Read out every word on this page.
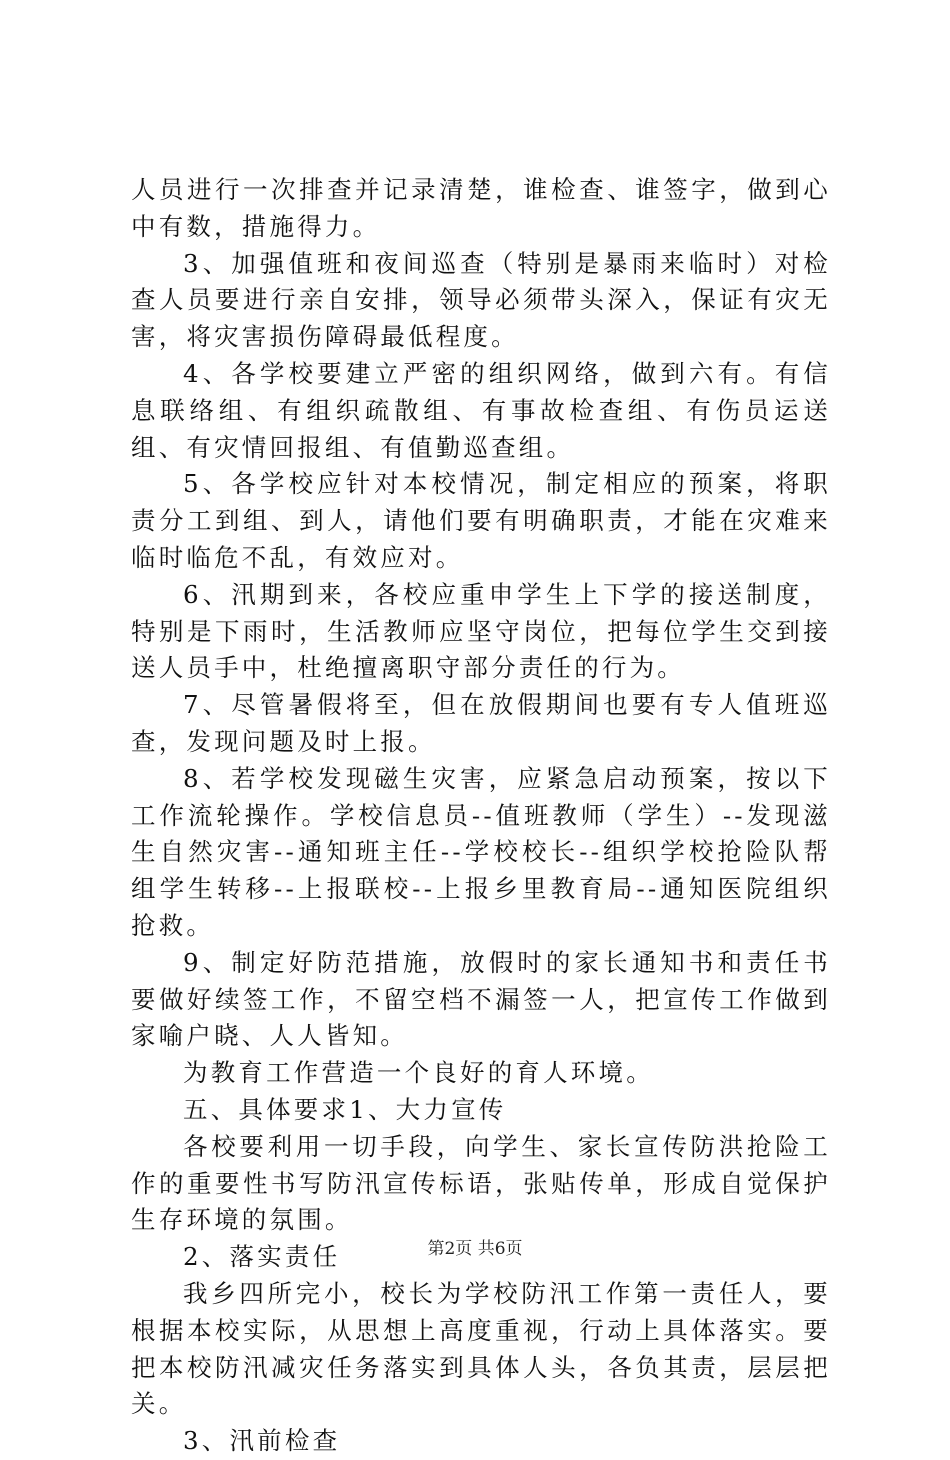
人员进行一次排查并记录清楚，谁检查、谁签字，做到心中有数，措施得力。

3、加强值班和夜间巡查（特别是暴雨来临时）对检查人员要进行亲自安排，领导必须带头深入，保证有灾无害，将灾害损伤障碍最低程度。

4、各学校要建立严密的组织网络，做到六有。有信息联络组、有组织疏散组、有事故检查组、有伤员运送组、有灾情回报组、有值勤巡查组。

5、各学校应针对本校情况，制定相应的预案，将职责分工到组、到人，请他们要有明确职责，才能在灾难来临时临危不乱，有效应对。

6、汛期到来，各校应重申学生上下学的接送制度，特别是下雨时，生活教师应坚守岗位，把每位学生交到接送人员手中，杜绝擅离职守部分责任的行为。

7、尽管暑假将至，但在放假期间也要有专人值班巡查，发现问题及时上报。

8、若学校发现磁生灾害，应紧急启动预案，按以下工作流轮操作。学校信息员--值班教师（学生）--发现滋生自然灾害--通知班主任--学校校长--组织学校抢险队帮组学生转移--上报联校--上报乡里教育局--通知医院组织抢救。

9、制定好防范措施，放假时的家长通知书和责任书要做好续签工作，不留空档不漏签一人，把宣传工作做到家喻户晓、人人皆知。

为教育工作营造一个良好的育人环境。

五、具体要求1、大力宣传

各校要利用一切手段，向学生、家长宣传防洪抢险工作的重要性书写防汛宣传标语，张贴传单，形成自觉保护生存环境的氛围。

2、落实责任

我乡四所完小，校长为学校防汛工作第一责任人，要根据本校实际，从思想上高度重视，行动上具体落实。要把本校防汛减灾任务落实到具体人头，各负其责，层层把关。

3、汛前检查

第2页 共6页
